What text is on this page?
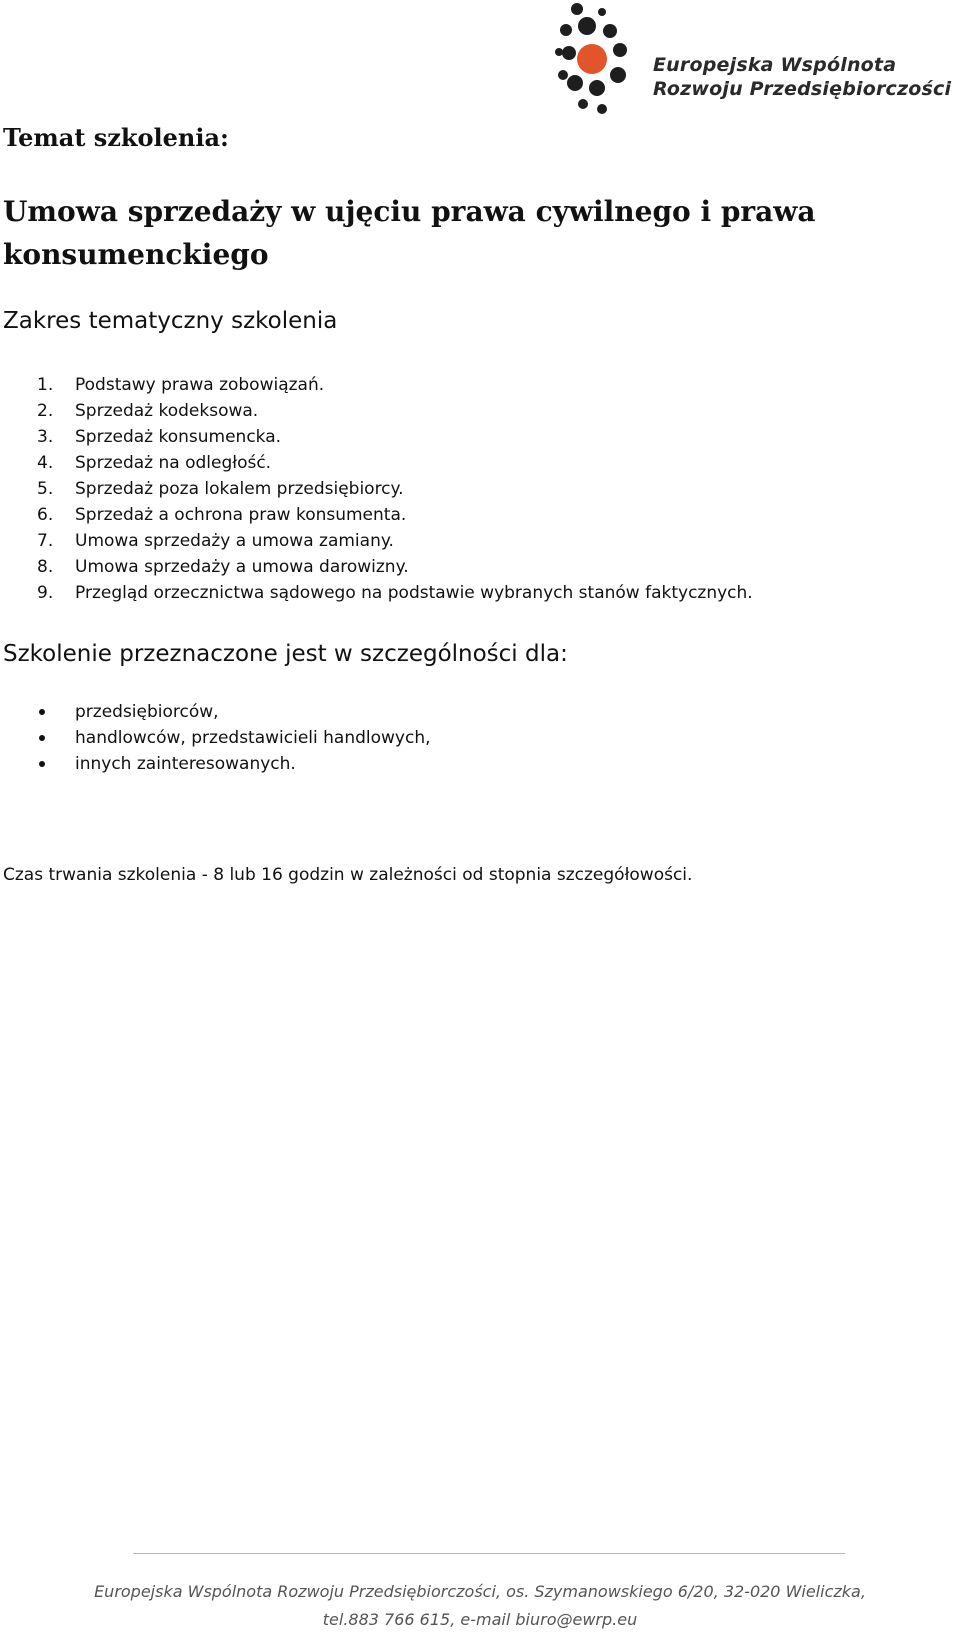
Europejska Wspólnota
Rozwoju Przedsiębiorczości
Temat szkolenia:
Umowa sprzedaży w ujęciu prawa cywilnego i prawa konsumenckiego
Zakres tematyczny szkolenia
1. Podstawy prawa zobowiązań.
2. Sprzedaż kodeksowa.
3. Sprzedaż konsumencka.
4. Sprzedaż na odległość.
5. Sprzedaż poza lokalem przedsiębiorcy.
6. Sprzedaż a ochrona praw konsumenta.
7. Umowa sprzedaży a umowa zamiany.
8. Umowa sprzedaży a umowa darowizny.
9. Przegląd orzecznictwa sądowego na podstawie wybranych stanów faktycznych.
Szkolenie przeznaczone jest w szczególności dla:
przedsiębiorców,
handlowców, przedstawicieli handlowych,
innych zainteresowanych.
Czas trwania szkolenia - 8 lub 16 godzin w zależności od stopnia szczegółowości.
Europejska Wspólnota Rozwoju Przedsiębiorczości, os. Szymanowskiego 6/20, 32-020 Wieliczka,
tel.883 766 615, e-mail biuro@ewrp.eu
